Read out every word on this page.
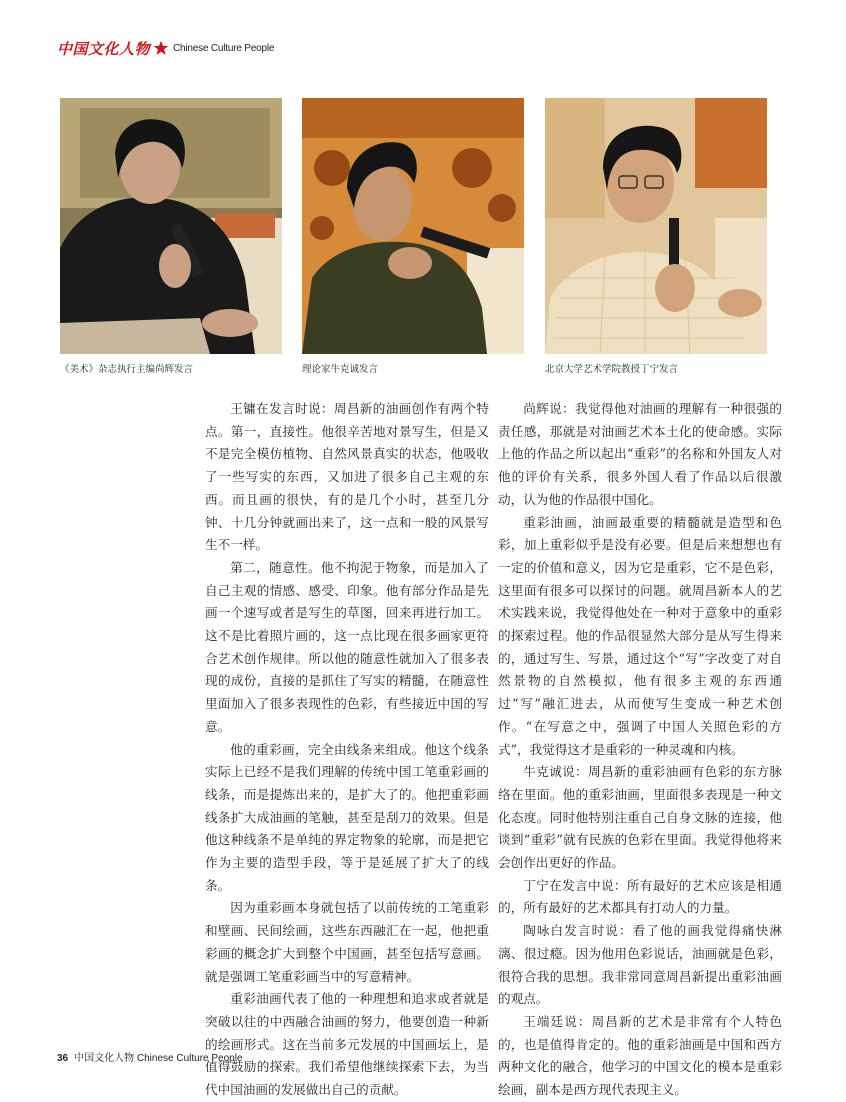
中国文化人物 Chinese Culture People
《美术》杂志执行主编尚辉发言	理论家牛克诚发言	北京大学艺术学院教授丁宁发言

王镛在发言时说：周昌新的油画创作有两个特点。第一，直接性。他很辛苦地对景写生，但是又不是完全模仿植物、自然风景真实的状态，他吸收了一些写实的东西，又加进了很多自己主观的东西。而且画的很快，有的是几个小时，甚至几分钟、十几分钟就画出来了，这一点和一般的风景写生不一样。

第二，随意性。他不拘泥于物象，而是加入了自己主观的情感、感受、印象。他有部分作品是先画一个速写或者是写生的草图，回来再进行加工。这不是比着照片画的，这一点比现在很多画家更符合艺术创作规律。所以他的随意性就加入了很多表现的成份，直接的是抓住了写实的精髓，在随意性里面加入了很多表现性的色彩，有些接近中国的写意。

他的重彩画，完全由线条来组成。他这个线条实际上已经不是我们理解的传统中国工笔重彩画的线条，而是提炼出来的，是扩大了的。他把重彩画线条扩大成油画的笔触，甚至是刮刀的效果。但是他这种线条不是单纯的界定物象的轮廓，而是把它作为主要的造型手段，等于是延展了扩大了的线条。

因为重彩画本身就包括了以前传统的工笔重彩和壁画、民间绘画，这些东西融汇在一起，他把重彩画的概念扩大到整个中国画，甚至包括写意画。就是强调工笔重彩画当中的写意精神。

重彩油画代表了他的一种理想和追求或者就是突破以往的中西融合油画的努力，他要创造一种新的绘画形式。这在当前多元发展的中国画坛上，是值得鼓励的探索。我们希望他继续探索下去，为当代中国油画的发展做出自己的贡献。

尚辉说：我觉得他对油画的理解有一种很强的责任感，那就是对油画艺术本土化的使命感。实际上他的作品之所以起出“重彩”的名称和外国友人对他的评价有关系，很多外国人看了作品以后很激动，认为他的作品很中国化。

重彩油画，油画最重要的精髓就是造型和色彩，加上重彩似乎是没有必要。但是后来想想也有一定的价值和意义，因为它是重彩，它不是色彩，这里面有很多可以探讨的问题。就周昌新本人的艺术实践来说，我觉得他处在一种对于意象中的重彩的探索过程。他的作品很显然大部分是从写生得来的，通过写生、写景，通过这个“写”字改变了对自然景物的自然模拟，他有很多主观的东西通过“写”融汇进去，从而使写生变成一种艺术创作。“在写意之中，强调了中国人关照色彩的方式”，我觉得这才是重彩的一种灵魂和内核。

牛克诚说：周昌新的重彩油画有色彩的东方脉络在里面。他的重彩油画，里面很多表现是一种文化态度。同时他特别注重自己自身文脉的连接，他谈到“重彩”就有民族的色彩在里面。我觉得他将来会创作出更好的作品。

丁宁在发言中说：所有最好的艺术应该是相通的，所有最好的艺术都具有打动人的力量。

陶咏白发言时说：看了他的画我觉得痛快淋漓、很过瘾。因为他用色彩说话，油画就是色彩，很符合我的思想。我非常同意周昌新提出重彩油画的观点。

王端廷说：周昌新的艺术是非常有个人特色的，也是值得肯定的。他的重彩油画是中国和西方两种文化的融合，他学习的中国文化的模本是重彩绘画，副本是西方现代表现主义。

36 中国文化人物 Chinese Culture People
